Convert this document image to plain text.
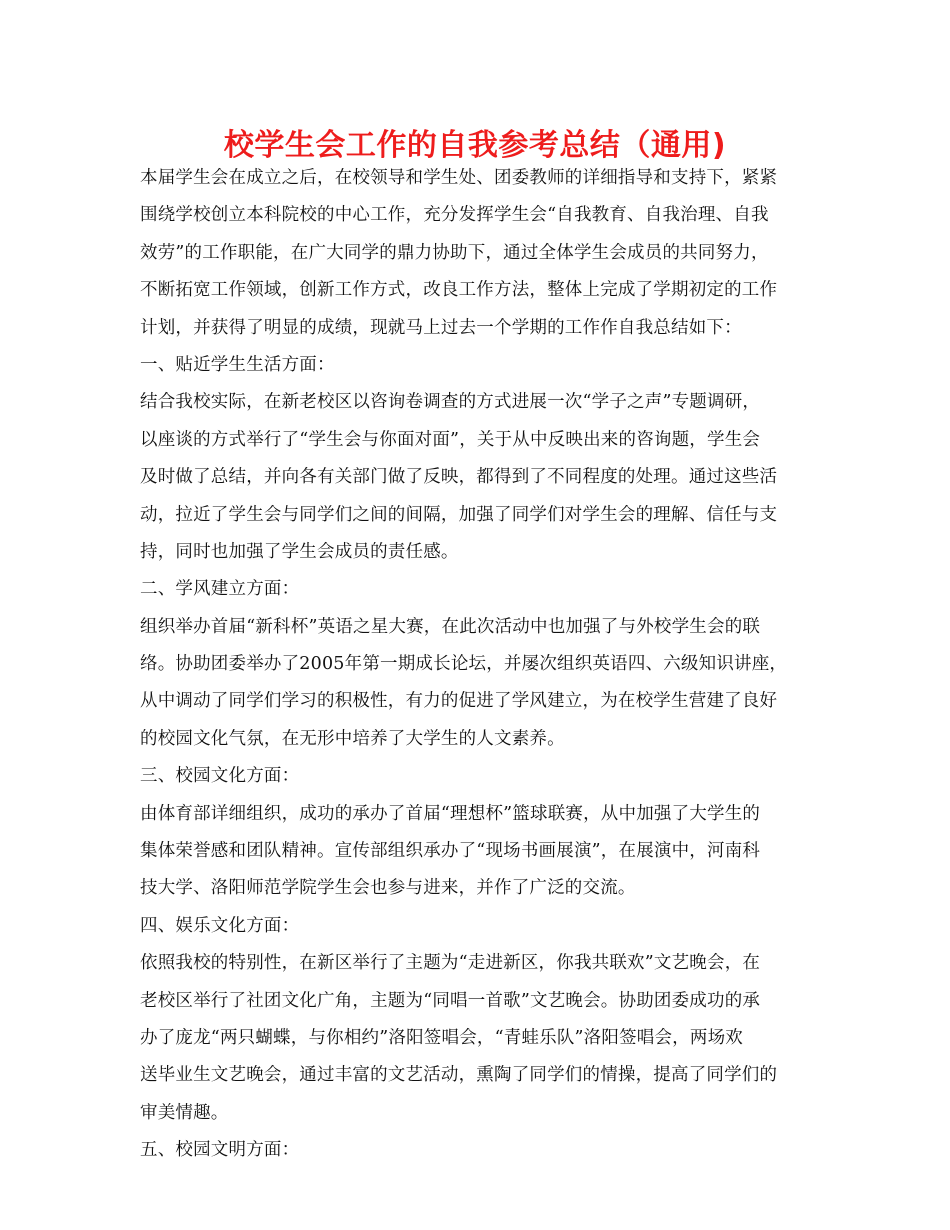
校学生会工作的自我参考总结（通用)
本届学生会在成立之后，在校领导和学生处、团委教师的详细指导和支持下，紧紧
围绕学校创立本科院校的中心工作，充分发挥学生会“自我教育、自我治理、自我
效劳”的工作职能，在广大同学的鼎力协助下，通过全体学生会成员的共同努力，
不断拓宽工作领域，创新工作方式，改良工作方法，整体上完成了学期初定的工作
计划，并获得了明显的成绩，现就马上过去一个学期的工作作自我总结如下：
一、贴近学生生活方面：
结合我校实际，在新老校区以咨询卷调查的方式进展一次“学子之声”专题调研，
以座谈的方式举行了“学生会与你面对面”，关于从中反映出来的咨询题，学生会
及时做了总结，并向各有关部门做了反映，都得到了不同程度的处理。通过这些活
动，拉近了学生会与同学们之间的间隔，加强了同学们对学生会的理解、信任与支
持，同时也加强了学生会成员的责任感。
二、学风建立方面：
组织举办首届“新科杯”英语之星大赛，在此次活动中也加强了与外校学生会的联
络。协助团委举办了2005年第一期成长论坛，并屡次组织英语四、六级知识讲座，
从中调动了同学们学习的积极性，有力的促进了学风建立，为在校学生营建了良好
的校园文化气氛，在无形中培养了大学生的人文素养。
三、校园文化方面：
由体育部详细组织，成功的承办了首届“理想杯”篮球联赛，从中加强了大学生的
集体荣誉感和团队精神。宣传部组织承办了“现场书画展演”，在展演中，河南科
技大学、洛阳师范学院学生会也参与进来，并作了广泛的交流。
四、娱乐文化方面：
依照我校的特别性，在新区举行了主题为“走进新区，你我共联欢”文艺晚会，在
老校区举行了社团文化广角，主题为“同唱一首歌”文艺晚会。协助团委成功的承
办了庞龙“两只蝴蝶，与你相约”洛阳签唱会，“青蛙乐队”洛阳签唱会，两场欢
送毕业生文艺晚会，通过丰富的文艺活动，熏陶了同学们的情操，提高了同学们的
审美情趣。
五、校园文明方面：
